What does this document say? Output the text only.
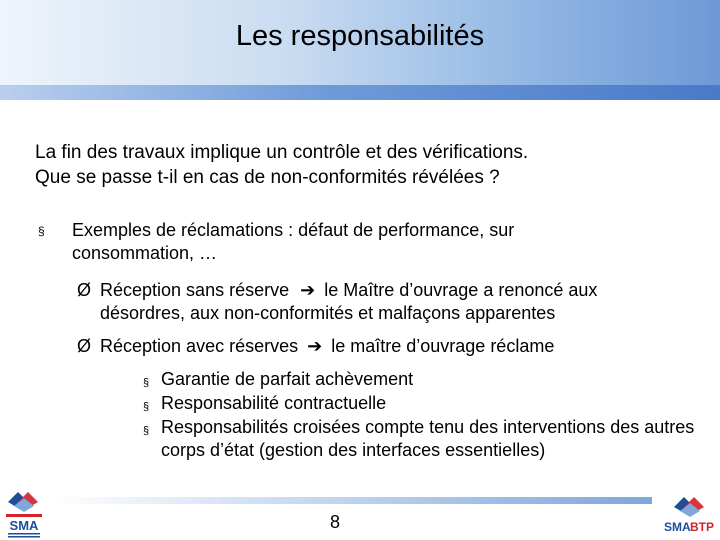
Les responsabilités
La fin des travaux implique un contrôle et des vérifications.
Que se passe t-il en cas de non-conformités révélées ?
§ Exemples de réclamations : défaut de performance, sur consommation, …
Ø Réception sans réserve ➔ le Maître d’ouvrage a renoncé aux
désordres, aux non-conformités et malfaçons apparentes
Ø Réception avec réserves ➔ le maître d’ouvrage réclame
§ Garantie de parfait achèvement
§ Responsabilité contractuelle
§ Responsabilités croisées compte tenu des interventions des autres corps d’état (gestion des interfaces essentielles)
8
SMA	SMA BTP
